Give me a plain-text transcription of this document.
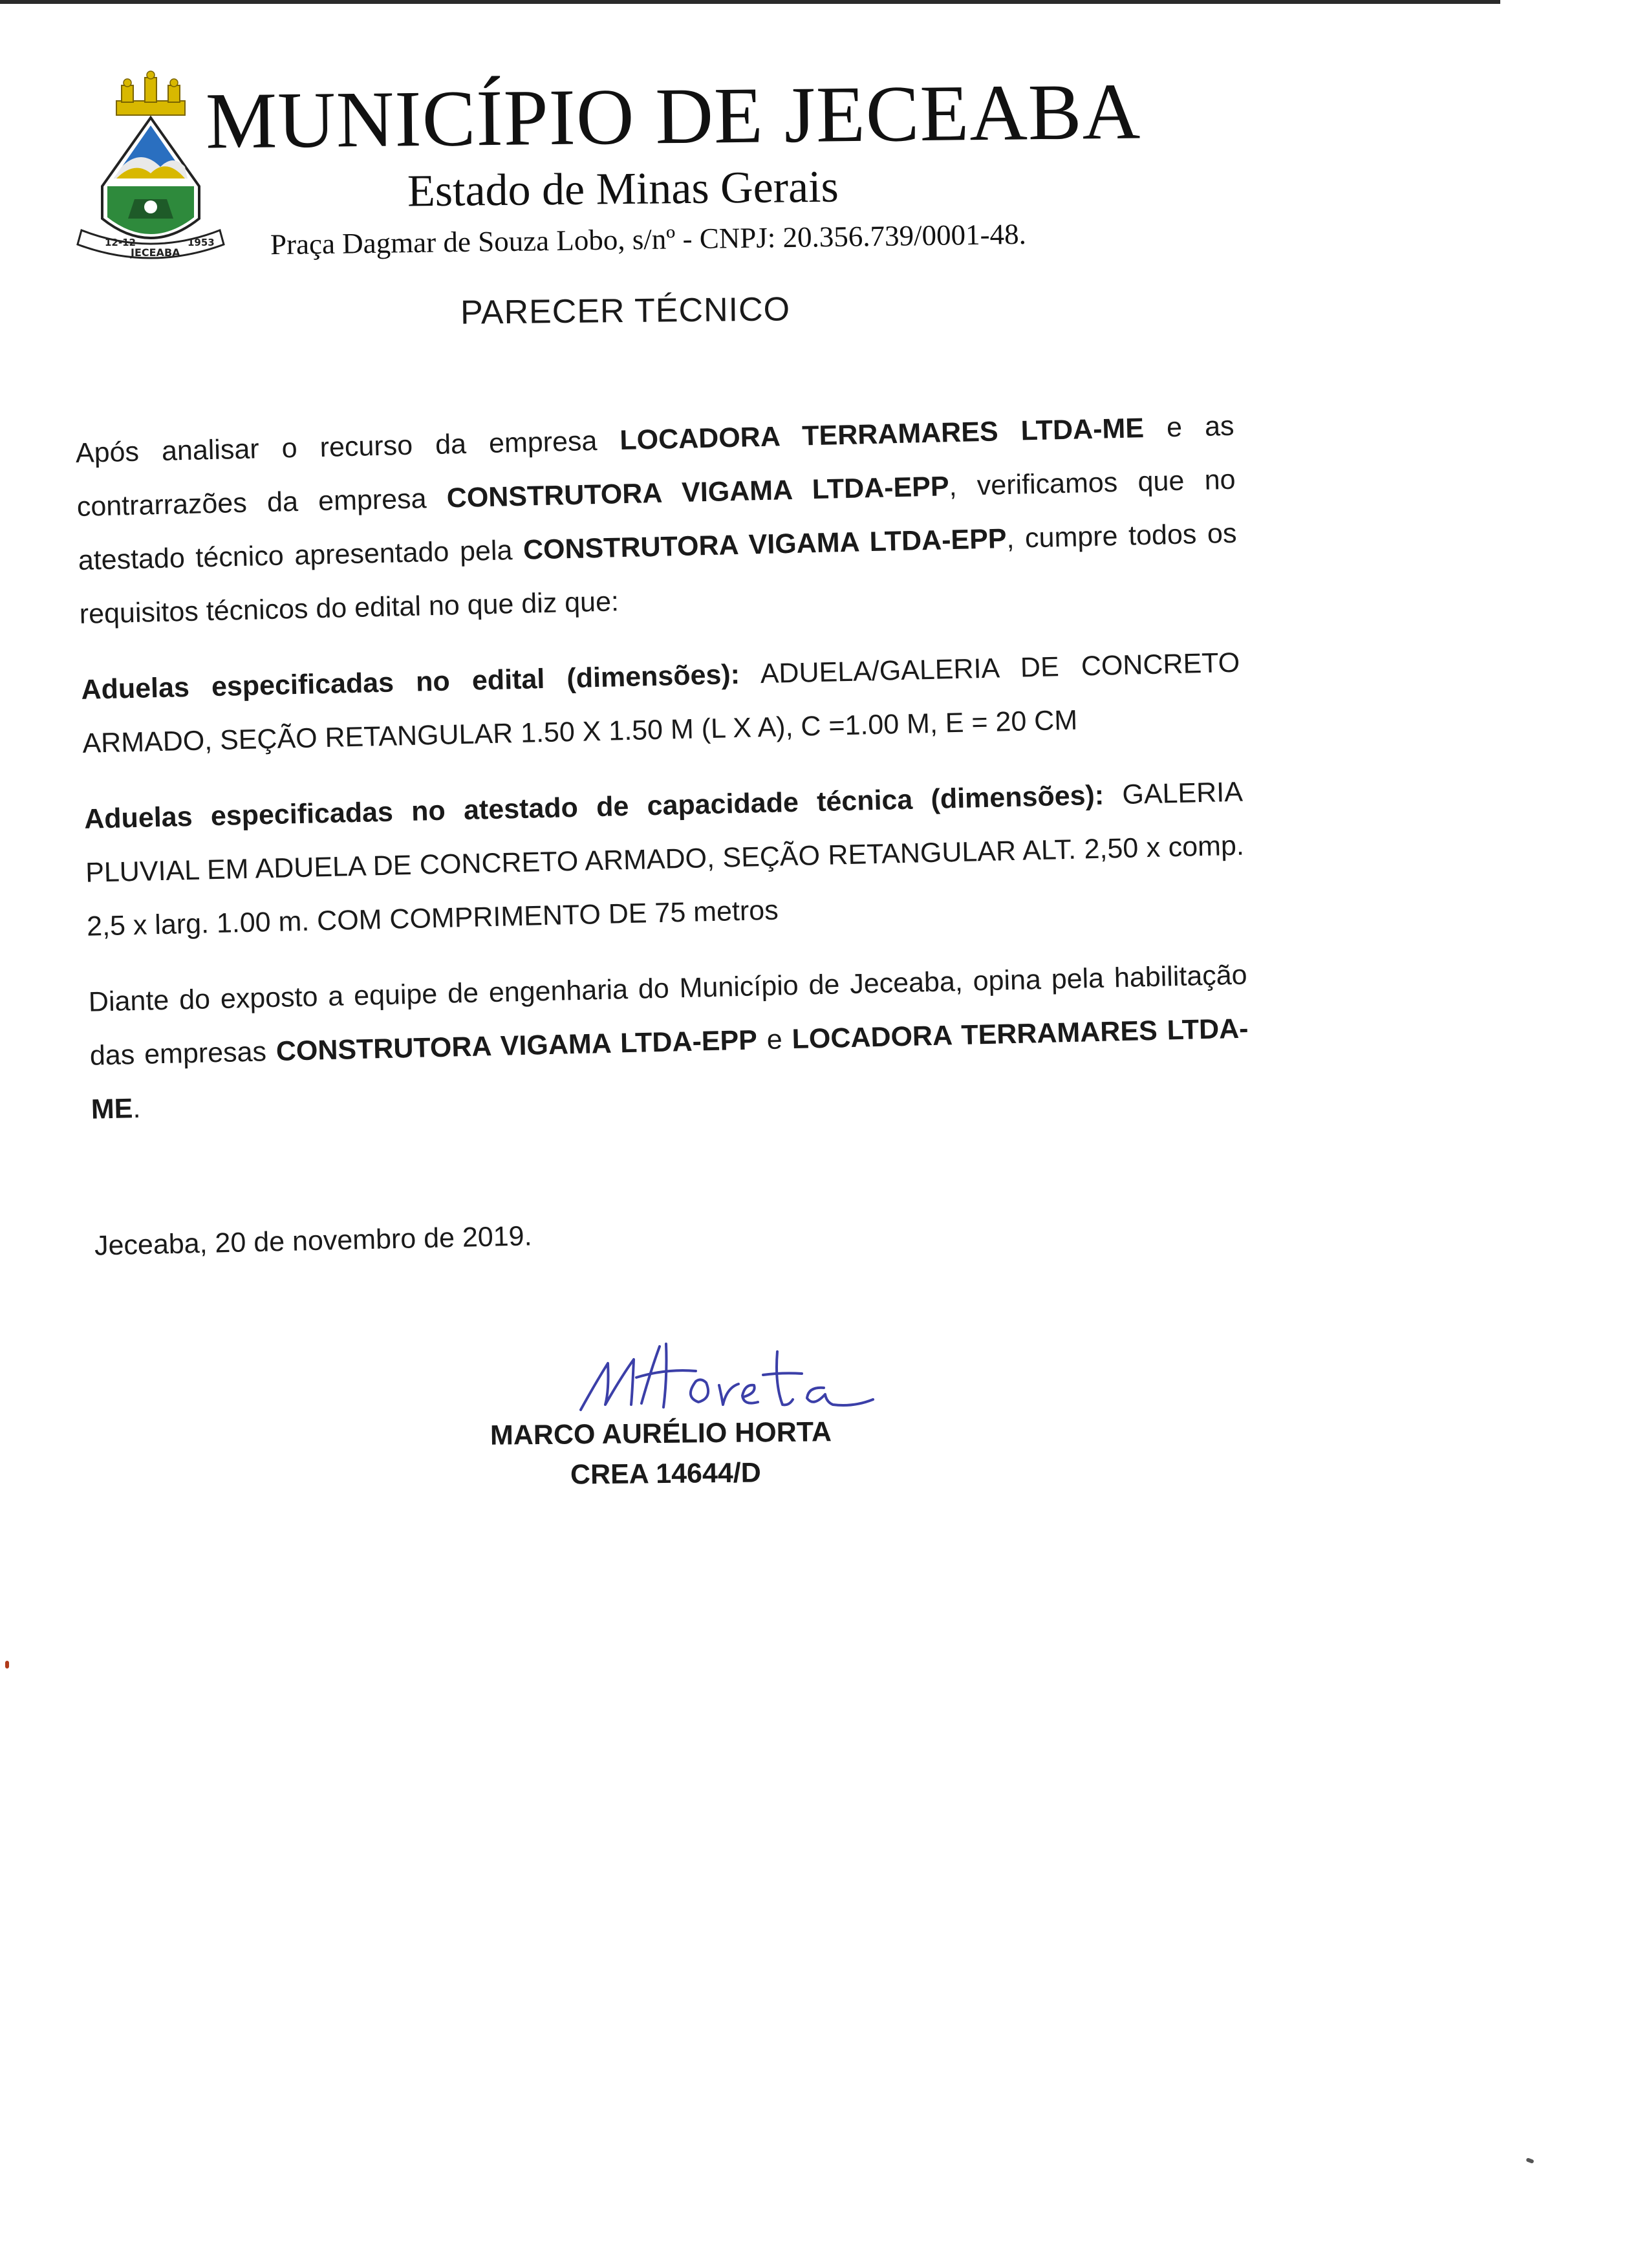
12-12
JECEABA
1953
MUNICÍPIO DE JECEABA
Estado de Minas Gerais
Praça Dagmar de Souza Lobo, s/nº - CNPJ: 20.356.739/0001-48.
PARECER TÉCNICO

Após analisar o recurso da empresa LOCADORA TERRAMARES LTDA-ME e as contrarrazões da empresa CONSTRUTORA VIGAMA LTDA-EPP, verificamos que no atestado técnico apresentado pela CONSTRUTORA VIGAMA LTDA-EPP, cumpre todos os requisitos técnicos do edital no que diz que:

Aduelas especificadas no edital (dimensões): ADUELA/GALERIA DE CONCRETO ARMADO, SEÇÃO RETANGULAR 1.50 X 1.50 M (L X A), C =1.00 M, E = 20 CM

Aduelas especificadas no atestado de capacidade técnica (dimensões): GALERIA PLUVIAL EM ADUELA DE CONCRETO ARMADO, SEÇÃO RETANGULAR ALT. 2,50 x comp. 2,5 x larg. 1.00 m. COM COMPRIMENTO DE 75 metros

Diante do exposto a equipe de engenharia do Município de Jeceaba, opina pela habilitação das empresas CONSTRUTORA VIGAMA LTDA-EPP e LOCADORA TERRAMARES LTDA-ME.

Jeceaba, 20 de novembro de 2019.
MARCO AURÉLIO HORTA
CREA 14644/D
